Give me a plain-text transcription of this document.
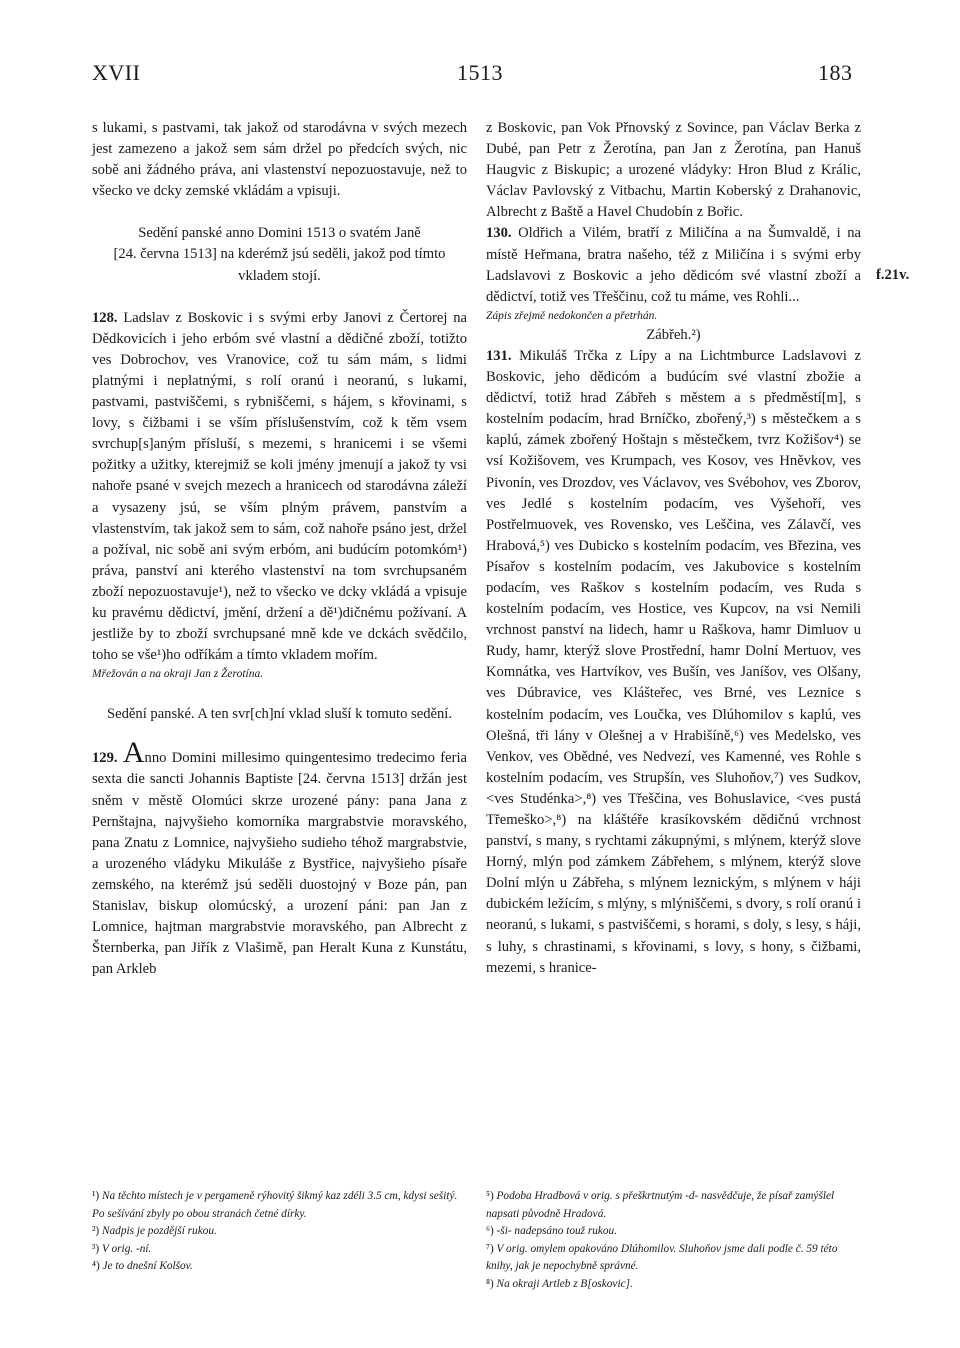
XVII	1513	183
f.21v.

s lukami, s pastvami, tak jakož od starodávna v svých mezech jest zamezeno a jakož sem sám držel po předcích svých, nic sobě ani žádného práva, ani vlastenství nepozuostavuje, než to všecko ve dcky zemské vkládám a vpisuji.

Sedění panské anno Domini 1513 o svatém Janě

[24. června 1513] na kderémž jsú seděli, jakož pod tímto vkladem stojí.

128. Ladslav z Boskovic i s svými erby Janovi z Čertorej na Dědkovicích i jeho erbóm své vlastní a dědičné zboží, totižto ves Dobrochov, ves Vranovice, což tu sám mám, s lidmi platnými i neplatnými, s rolí oranú i neoranú, s lukami, pastvami, pastviščemi, s rybniščemi, s hájem, s křovinami, s lovy, s čižbami i se vším příslušenstvím, což k těm vsem svrchup[s]aným přísluší, s mezemi, s hranicemi i se všemi požitky a užitky, kterejmiž se koli jmény jmenují a jakož ty vsi nahoře psané v svejch mezech a hranicech od starodávna záleží a vysazeny jsú, se vším plným právem, panstvím a vlastenstvím, tak jakož sem to sám, což nahoře psáno jest, držel a požíval, nic sobě ani svým erbóm, ani budúcím potomkóm¹) práva, panství ani kterého vlastenství na tom svrchupsaném zboží nepozuostavuje¹), než to všecko ve dcky vkládá a vpisuje ku pravému dědictví, jmění, držení a dě¹)dičnému požívaní. A jestliže by to zboží svrchupsané mně kde ve dckách svědčilo, toho se vše¹)ho odříkám a tímto vkladem mořím.

Mřežován a na okraji Jan z Žerotína.

Sedění panské. A ten svr[ch]ní vklad sluší k tomuto sedění.

129. Anno Domini millesimo quingentesimo tredecimo feria sexta die sancti Johannis Baptiste [24. června 1513] držán jest sněm v městě Olomúci skrze urozené pány: pana Jana z Pernštajna, najvyšieho komorníka margrabstvie moravského, pana Znatu z Lomnice, najvyšieho sudieho téhož margrabstvie, a urozeného vládyku Mikuláše z Bystřice, najvyšieho písaře zemského, na kterémž jsú seděli duostojný v Boze pán, pan Stanislav, biskup olomúcský, a urození páni: pan Jan z Lomnice, hajtman margrabstvie moravského, pan Albrecht z Šternberka, pan Jiřík z Vlašimě, pan Heralt Kuna z Kunstátu, pan Arkleb

z Boskovic, pan Vok Přnovský z Sovince, pan Václav Berka z Dubé, pan Petr z Žerotína, pan Jan z Žerotína, pan Hanuš Haugvic z Biskupic; a urozené vládyky: Hron Blud z Králic, Václav Pavlovský z Vitbachu, Martin Koberský z Drahanovic, Albrecht z Baště a Havel Chudobín z Bořic.

130. Oldřich a Vilém, bratří z Miličína a na Šumvaldě, i na místě Heřmana, bratra našeho, též z Miličína i s svými erby Ladslavovi z Boskovic a jeho dědicóm své vlastní zboží a dědictví, totiž ves Třeščinu, což tu máme, ves Rohli...

Zápis zřejmě nedokončen a přetrhán.

Zábřeh.²)

131. Mikuláš Trčka z Lípy a na Lichtmburce Ladslavovi z Boskovic, jeho dědicóm a budúcím své vlastní zbožie a dědictví, totiž hrad Zábřeh s městem a s předměstí[m], s kostelním podacím, hrad Brníčko, zbořený,³) s městečkem a s kaplú, zámek zbořený Hoštajn s městečkem, tvrz Kožišov⁴) se vsí Kožišovem, ves Krumpach, ves Kosov, ves Hněvkov, ves Pivonín, ves Drozdov, ves Václavov, ves Svébohov, ves Zborov, ves Jedlé s kostelním podacím, ves Vyšehoří, ves Postřelmuovek, ves Rovensko, ves Leščina, ves Zálavčí, ves Hrabová,⁵) ves Dubicko s kostelním podacím, ves Březina, ves Písařov s kostelním podacím, ves Jakubovice s kostelním podacím, ves Raškov s kostelním podacím, ves Ruda s kostelním podacím, ves Hostice, ves Kupcov, na vsi Nemili vrchnost panství na lidech, hamr u Raškova, hamr Dimluov u Rudy, hamr, kterýž slove Prostřední, hamr Dolní Mertuov, ves Komnátka, ves Hartvíkov, ves Bušín, ves Janíšov, ves Olšany, ves Dúbravice, ves Klášteřec, ves Brné, ves Leznice s kostelním podacím, ves Loučka, ves Dlúhomilov s kaplú, ves Olešná, tři lány v Olešnej a v Hrabišíně,⁶) ves Medelsko, ves Venkov, ves Obědné, ves Nedvezí, ves Kamenné, ves Rohle s kostelním podacím, ves Strupšín, ves Sluhoňov,⁷) ves Sudkov, <ves Studénka>,⁸) ves Třeščina, ves Bohuslavice, <ves pustá Třemeško>,⁸) na kláštéře krasíkovském dědičnú vrchnost panství, s many, s rychtami zákupnými, s mlýnem, kterýž slove Horný, mlýn pod zámkem Zábřehem, s mlýnem, kterýž slove Dolní mlýn u Zábřeha, s mlýnem leznickým, s mlýnem v háji dubickém ležícím, s mlýny, s mlýniščemi, s dvory, s rolí oranú i neoranú, s lukami, s pastviščemi, s horami, s doly, s lesy, s háji, s luhy, s chrastinami, s křovinami, s lovy, s hony, s čižbami, mezemi, s hranice-

¹) Na těchto místech je v pergameně rýhovitý šikmý kaz zdéli 3.5 cm, kdysi sešitý. Po sešívání zbyly po obou stranách četné dírky.

²) Nadpis je pozdější rukou.

³) V orig. -ní.

⁴) Je to dnešní Kolšov.

⁵) Podoba Hradbová v orig. s přeškrtnutým -d- nasvědčuje, že písař zamýšlel napsati původně Hradová.

⁶) -ši- nadepsáno touž rukou.

⁷) V orig. omylem opakováno Dlúhomilov. Sluhoňov jsme dali podle č. 59 této knihy, jak je nepochybně správné.

⁸) Na okraji Artleb z B[oskovic].
